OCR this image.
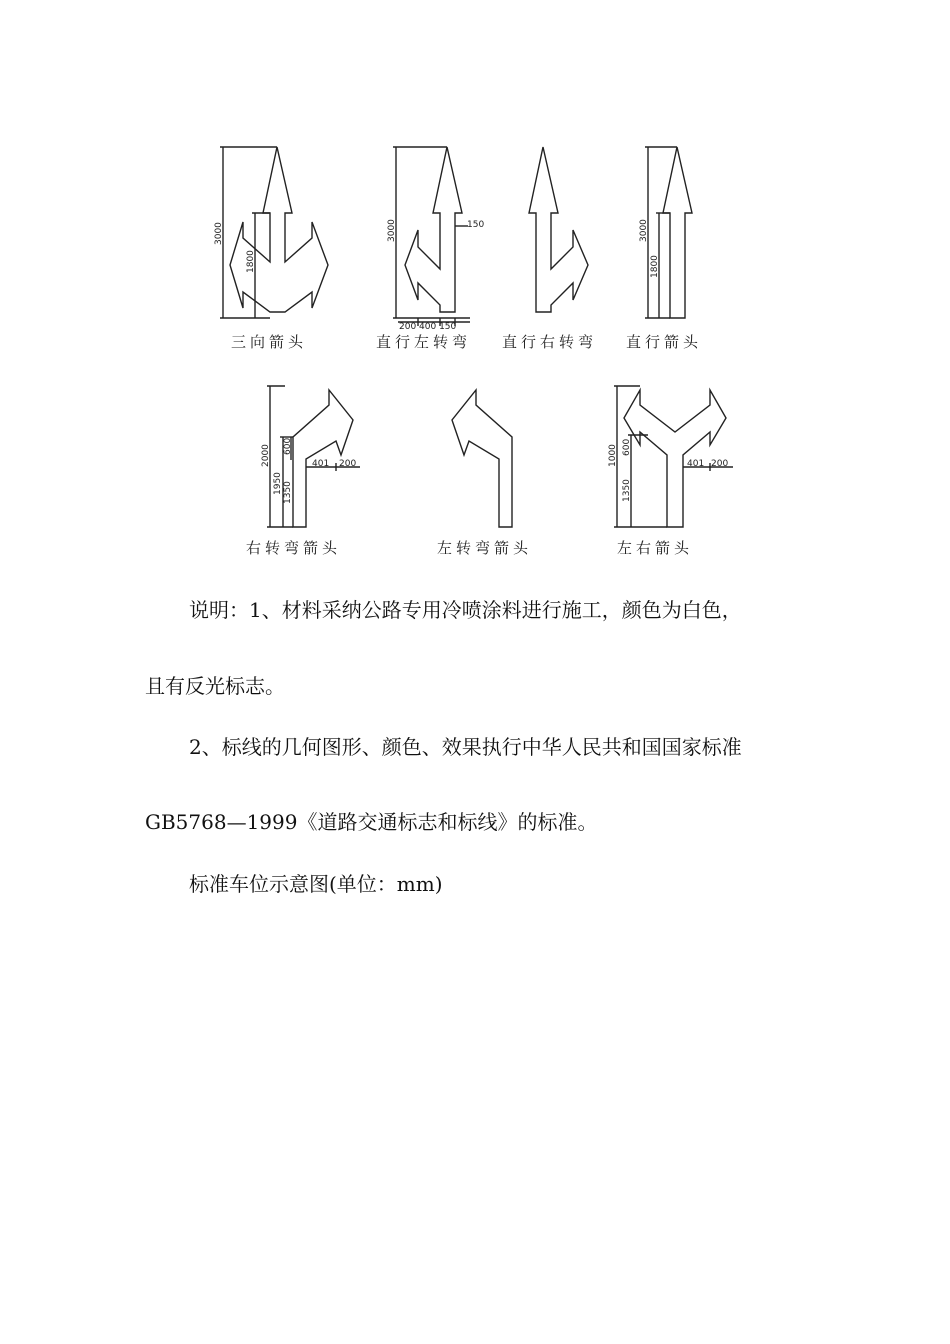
3000
1800
三向箭头
3000	150
200 400 150
直行左转弯 直行右转弯
3000
1800
直行箭头
2000 600
1950 1350
401 200
右转弯箭头	左转弯箭头
1000 600
1350
401 200
左右箭头
说明：1、材料采纳公路专用冷喷涂料进行施工，颜色为白色，
且有反光标志。
2、标线的几何图形、颜色、效果执行中华人民共和国国家标准
GB5768—1999《道路交通标志和标线》的标准。
标准车位示意图(单位：mm)
